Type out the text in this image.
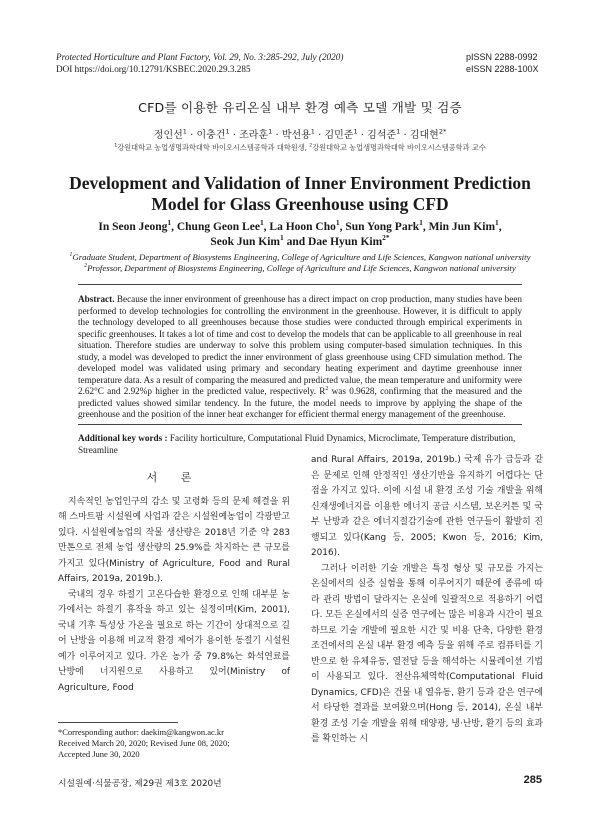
Protected Horticulture and Plant Factory, Vol. 29, No. 3:285-292, July (2020)
DOI https://doi.org/10.12791/KSBEC.2020.29.3.285
pISSN 2288-0992
eISSN 2288-100X
CFD를 이용한 유리온실 내부 환경 예측 모델 개발 및 검증
정인선$^1$ · 이충건$^1$ · 조라훈$^1$ · 박선용$^1$ · 김민준$^1$ · 김석준$^1$ · 김대현$^{2*}$
$^1$강원대학교 농업생명과학대학 바이오시스템공학과 대학원생, $^2$강원대학교 농업생명과학대학 바이오시스템공학과 교수
Development and Validation of Inner Environment Prediction Model for Glass Greenhouse using CFD
In Seon Jeong$^1$, Chung Geon Lee$^1$, La Hoon Cho$^1$, Sun Yong Park$^1$, Min Jun Kim$^1$,
Seok Jun Kim$^1$ and Dae Hyun Kim$^{2*}$
$^1$Graduate Student, Department of Biosystems Engineering, College of Agriculture and Life Sciences, Kangwon national university
$^2$Professor, Department of Biosystems Engineering, College of Agriculture and Life Sciences, Kangwon national university
Abstract. Because the inner environment of greenhouse has a direct impact on crop production, many studies have been performed to develop technologies for controlling the environment in the greenhouse. However, it is difficult to apply the technology developed to all greenhouses because those studies were conducted through empirical experiments in specific greenhouses. It takes a lot of time and cost to develop the models that can be applicable to all greenhouse in real situation. Therefore studies are underway to solve this problem using computer-based simulation techniques. In this study, a model was developed to predict the inner environment of glass greenhouse using CFD simulation method. The developed model was validated using primary and secondary heating experiment and daytime greenhouse inner temperature data. As a result of comparing the measured and predicted value, the mean temperature and uniformity were 2.62°C and 2.92%p higher in the predicted value, respectively. $R^2$ was 0.9628, confirming that the measured and the predicted values showed similar tendency. In the future, the model needs to improve by applying the shape of the greenhouse and the position of the inner heat exchanger for efficient thermal energy management of the greenhouse.
Additional key words : Facility horticulture, Computational Fluid Dynamics, Microclimate, Temperature distribution, Streamline
서 론

지속적인 농업인구의 감소 및 고령화 등의 문제 해결을 위해 스마트팜 시설원예 사업과 같은 시설원예농업이 각광받고 있다. 시설원예농업의 작물 생산량은 2018년 기준 약 283만톤으로 전체 농업 생산량의 25.9%를 차지하는 큰 규모를 가지고 있다(Ministry of Agriculture, Food and Rural Affairs, 2019a, 2019b.).

국내의 경우 하절기 고온다습한 환경으로 인해 대부분 농가에서는 하절기 휴작을 하고 있는 실정이며(Kim, 2001), 국내 기후 특성상 가온을 필요로 하는 기간이 상대적으로 길어 난방을 이용해 비교적 환경 제어가 용이한 동절기 시설원예가 이루어지고 있다. 가온 농가 중 79.8%는 화석연료를 난방에 너지원으로 사용하고 있어(Ministry of Agriculture, Food

and Rural Affairs, 2019a, 2019b.) 국제 유가 급등과 같은 문제로 인해 안정적인 생산기반을 유지하기 어렵다는 단점을 가지고 있다. 이에 시설 내 환경 조성 기술 개발을 위해 신재생에너지를 이용한 에너지 공급 시스템, 보온커튼 및 국부 난방과 같은 에너지절감기술에 관한 연구들이 활발히 진행되고 있다(Kang 등, 2005; Kwon 등, 2016; Kim, 2016).

그러나 이러한 기술 개발은 특정 형상 및 규모를 가지는 온실에서의 실증 실험을 통해 이루어지기 때문에 종류에 따라 관리 방법이 달라지는 온실에 일괄적으로 적용하기 어렵다. 모든 온실에서의 실증 연구에는 많은 비용과 시간이 필요하므로 기술 개발에 필요한 시간 및 비용 단축, 다양한 환경 조건에서의 온실 내부 환경 예측 등을 위해 주로 컴퓨터를 기반으로 한 유체유동, 열전달 등을 해석하는 시뮬레이션 기법이 사용되고 있다. 전산유체역학(Computational Fluid Dynamics, CFD)은 건물 내 열유동, 환기 등과 같은 연구에서 타당한 결과를 보여왔으며(Hong 등, 2014), 온실 내부 환경 조성 기술 개발을 위해 태양광, 냉·난방, 환기 등의 효과를 확인하는 시

*Corresponding author: daekim@kangwon.ac.kr
Received March 20, 2020; Revised June 08, 2020;
Accepted June 30, 2020
시설원예·식물공장, 제29권 제3호 2020년	285
